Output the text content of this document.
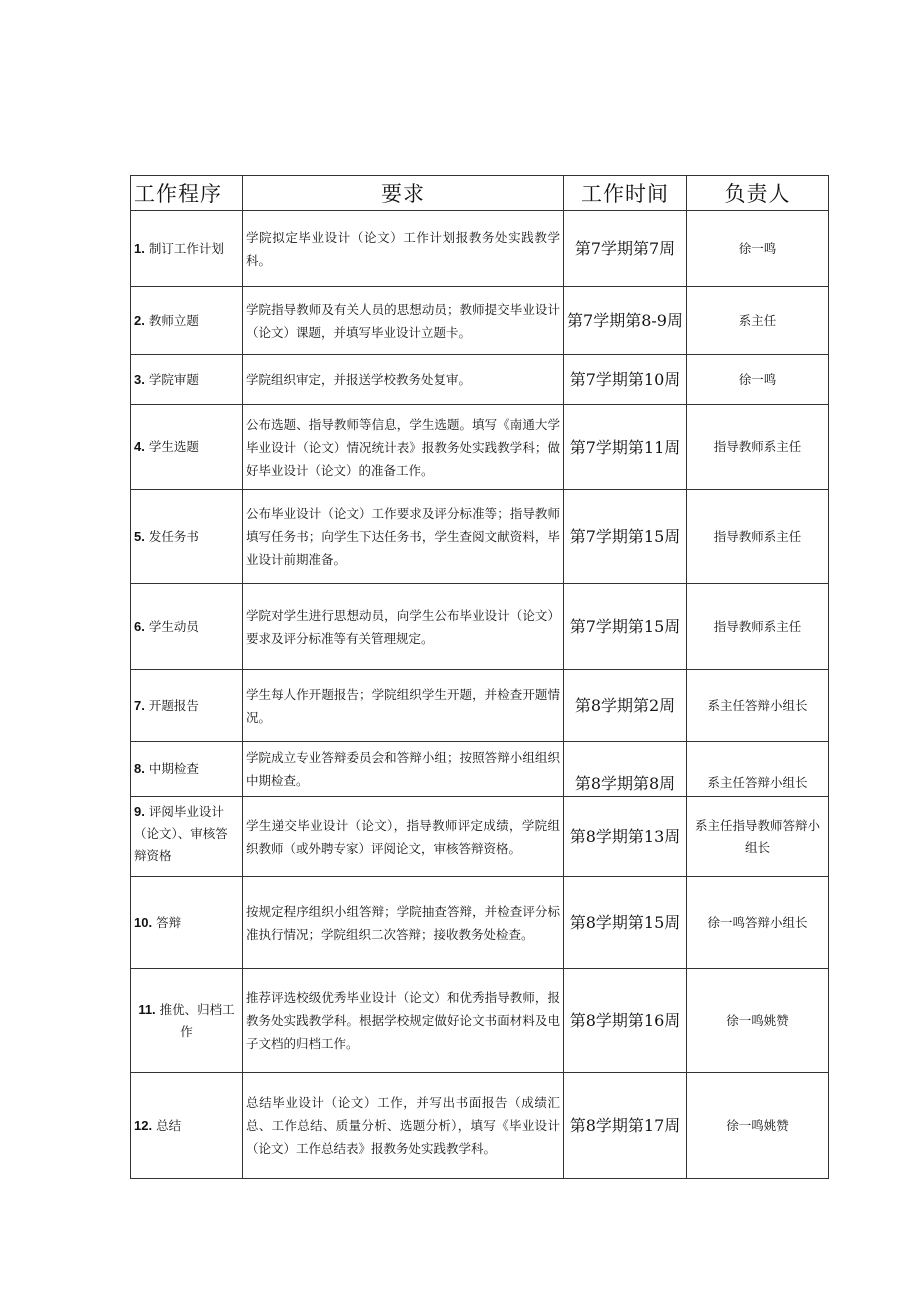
工作程序	要求	工作时间	负责人
1. 制订工作计划	学院拟定毕业设计（论文）工作计划报教务处实践教学科。	第7学期第7周	徐一鸣
2. 教师立题	学院指导教师及有关人员的思想动员；教师提交毕业设计（论文）课题，并填写毕业设计立题卡。	第7学期第8-9周	系主任
3. 学院审题	学院组织审定，并报送学校教务处复审。	第7学期第10周	徐一鸣
4. 学生选题	公布选题、指导教师等信息，学生选题。填写《南通大学毕业设计（论文）情况统计表》报教务处实践教学科；做好毕业设计（论文）的准备工作。	第7学期第11周	指导教师系主任
5. 发任务书	公布毕业设计（论文）工作要求及评分标准等；指导教师填写任务书；向学生下达任务书，学生查阅文献资料，毕业设计前期准备。	第7学期第15周	指导教师系主任
6. 学生动员	学院对学生进行思想动员，向学生公布毕业设计（论文）要求及评分标准等有关管理规定。	第7学期第15周	指导教师系主任
7. 开题报告	学生每人作开题报告；学院组织学生开题，并检查开题情况。	第8学期第2周	系主任答辩小组长
8. 中期检查	学院成立专业答辩委员会和答辩小组；按照答辩小组组织中期检查。	第8学期第8周	系主任答辩小组长
9. 评阅毕业设计（论文）、审核答辩资格	学生递交毕业设计（论文），指导教师评定成绩，学院组织教师（或外聘专家）评阅论文，审核答辩资格。	第8学期第13周	系主任指导教师答辩小组长
10. 答辩	按规定程序组织小组答辩；学院抽查答辩，并检查评分标准执行情况；学院组织二次答辩；接收教务处检查。	第8学期第15周	徐一鸣答辩小组长
11. 推优、归档工作	推荐评选校级优秀毕业设计（论文）和优秀指导教师，报教务处实践教学科。根据学校规定做好论文书面材料及电子文档的归档工作。	第8学期第16周	徐一鸣姚赞
12. 总结	总结毕业设计（论文）工作，并写出书面报告（成绩汇总、工作总结、质量分析、选题分析），填写《毕业设计（论文）工作总结表》报教务处实践教学科。	第8学期第17周	徐一鸣姚赞
